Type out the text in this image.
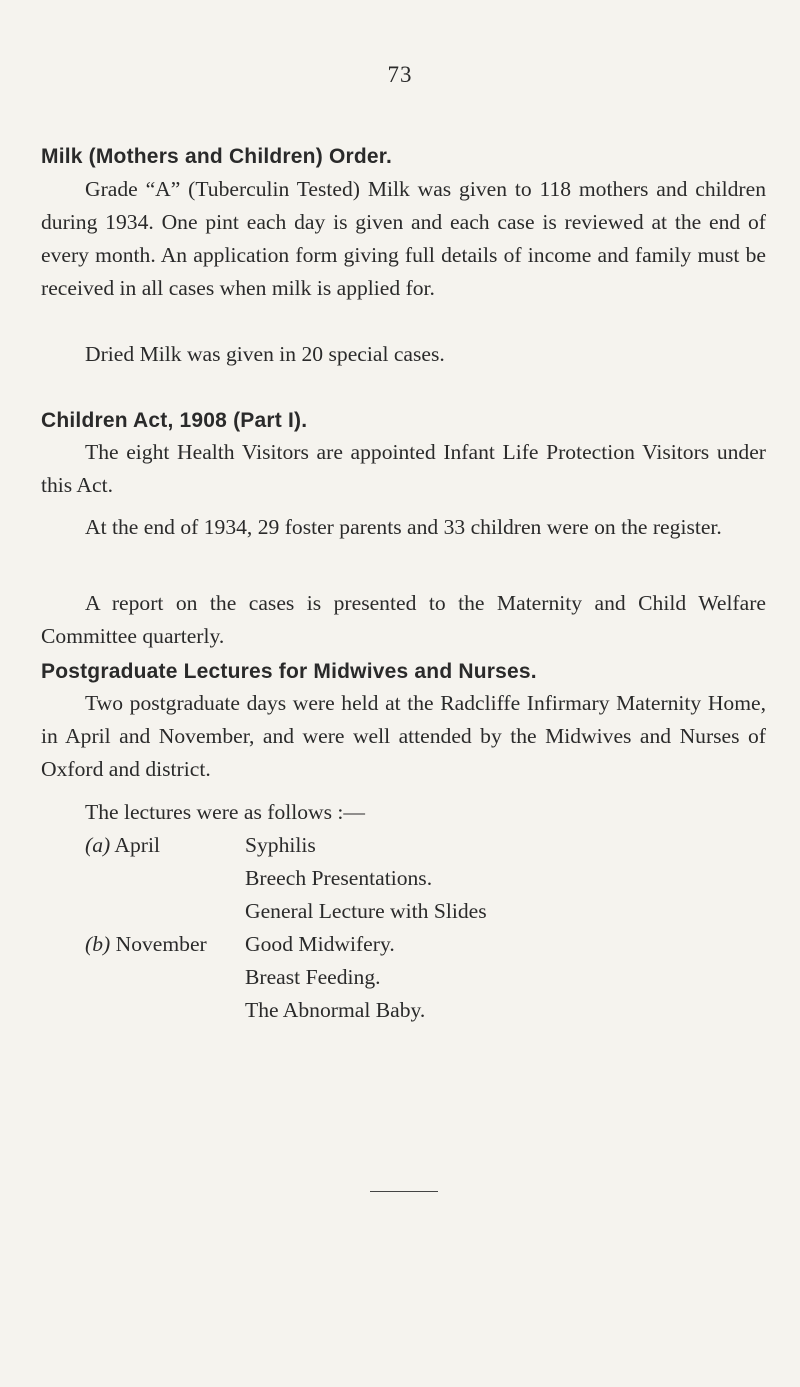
73
Milk (Mothers and Children) Order.

Grade “A” (Tuberculin Tested) Milk was given to 118 mothers and children during 1934. One pint each day is given and each case is reviewed at the end of every month. An application form giving full details of income and family must be received in all cases when milk is applied for.

Dried Milk was given in 20 special cases.

Children Act, 1908 (Part I).

The eight Health Visitors are appointed Infant Life Protection Visitors under this Act.

At the end of 1934, 29 foster parents and 33 children were on the register.

A report on the cases is presented to the Maternity and Child Welfare Committee quarterly.

Postgraduate Lectures for Midwives and Nurses.

Two postgraduate days were held at the Radcliffe Infirmary Maternity Home, in April and November, and were well attended by the Midwives and Nurses of Oxford and district.

The lectures were as follows :—
(a) April	Syphilis
Breech Presentations.
General Lecture with Slides
(b) November Good Midwifery.
Breast Feeding.
The Abnormal Baby.
